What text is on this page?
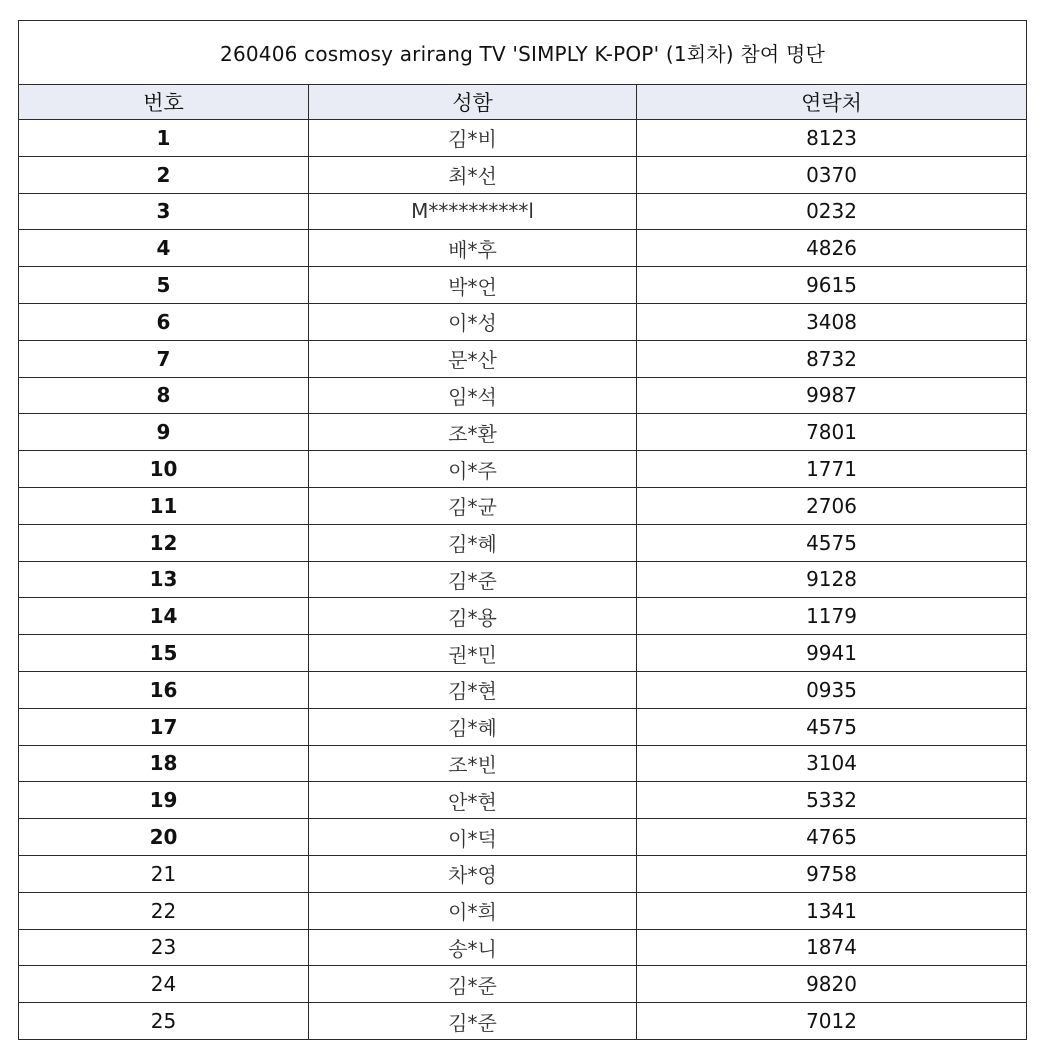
260406 cosmosy arirang TV 'SIMPLY K-POP' (1회차) 참여 명단		
번호	성함	연락처
1	김*비	8123
2	최*선	0370
3	M**********l	0232
4	배*후	4826
5	박*언	9615
6	이*성	3408
7	문*산	8732
8	임*석	9987
9	조*환	7801
10	이*주	1771
11	김*균	2706
12	김*혜	4575
13	김*준	9128
14	김*용	1179
15	권*민	9941
16	김*현	0935
17	김*혜	4575
18	조*빈	3104
19	안*현	5332
20	이*덕	4765
21	차*영	9758
22	이*희	1341
23	송*니	1874
24	김*준	9820
25	김*준	7012
